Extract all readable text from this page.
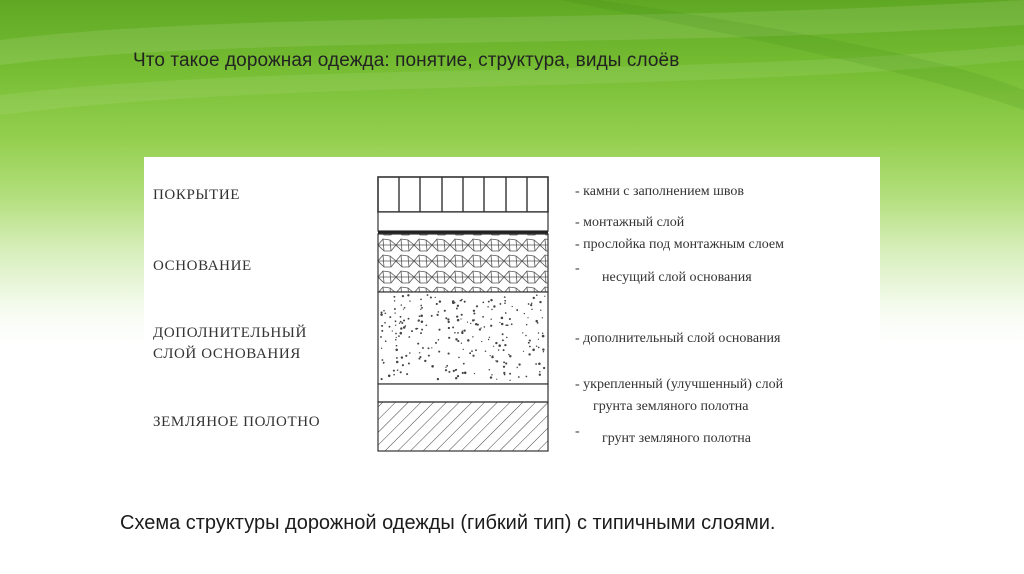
Что такое дорожная одежда: понятие, структура, виды слоёв
ПОКРЫТИЕ
ОСНОВАНИЕ
ДОПОЛНИТЕЛЬНЫЙ
СЛОЙ ОСНОВАНИЯ
ЗЕМЛЯНОЕ ПОЛОТНО
- камни с заполнением швов
- монтажный слой
- прослойка под монтажным слоем
-
несущий слой основания
- дополнительный слой основания
- укрепленный (улучшенный) слой
грунта земляного полотна
- грунт земляного полотна
Схема структуры дорожной одежды (гибкий тип) с типичными слоями.
